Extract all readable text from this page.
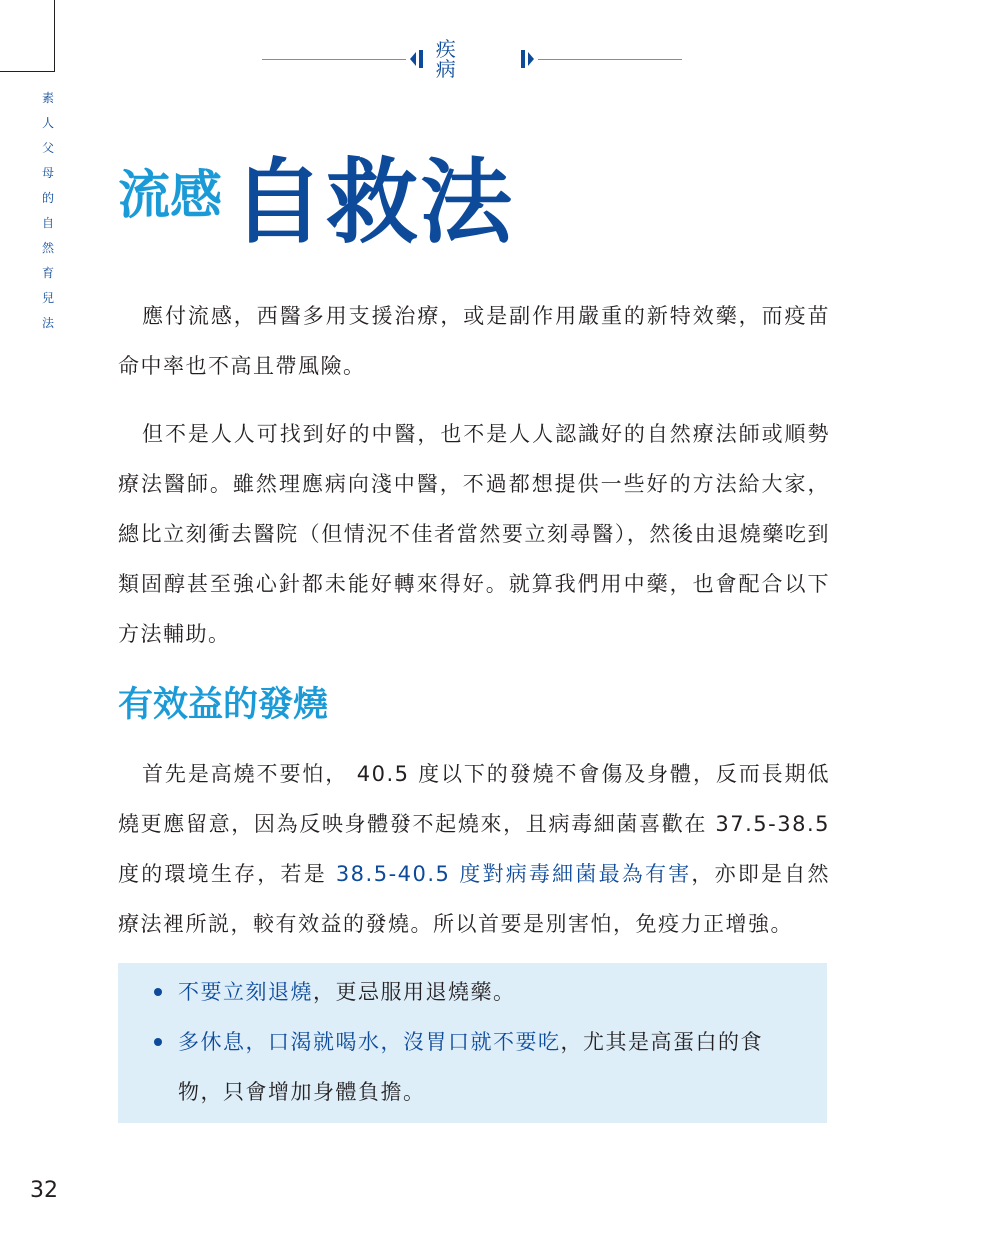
疾 病
素
人
父
母
的
自
然
育
兒
法
流感 自救法

應付流感，西醫多用支援治療，或是副作用嚴重的新特效藥，而疫苗命中率也不高且帶風險。

但不是人人可找到好的中醫，也不是人人認識好的自然療法師或順勢療法醫師。雖然理應病向淺中醫，不過都想提供一些好的方法給大家，總比立刻衝去醫院（但情況不佳者當然要立刻尋醫），然後由退燒藥吃到類固醇甚至強心針都未能好轉來得好。就算我們用中藥，也會配合以下方法輔助。

有效益的發燒

首先是高燒不要怕， 40.5 度以下的發燒不會傷及身體，反而長期低燒更應留意，因為反映身體發不起燒來，且病毒細菌喜歡在 37.5-38.5 度的環境生存，若是 38.5-40.5 度對病毒細菌最為有害，亦即是自然療法裡所説，較有效益的發燒。所以首要是別害怕，免疫力正增強。

不要立刻退燒，更忌服用退燒藥。
多休息，口渴就喝水，沒胃口就不要吃，尤其是高蛋白的食物，只會增加身體負擔。
32
